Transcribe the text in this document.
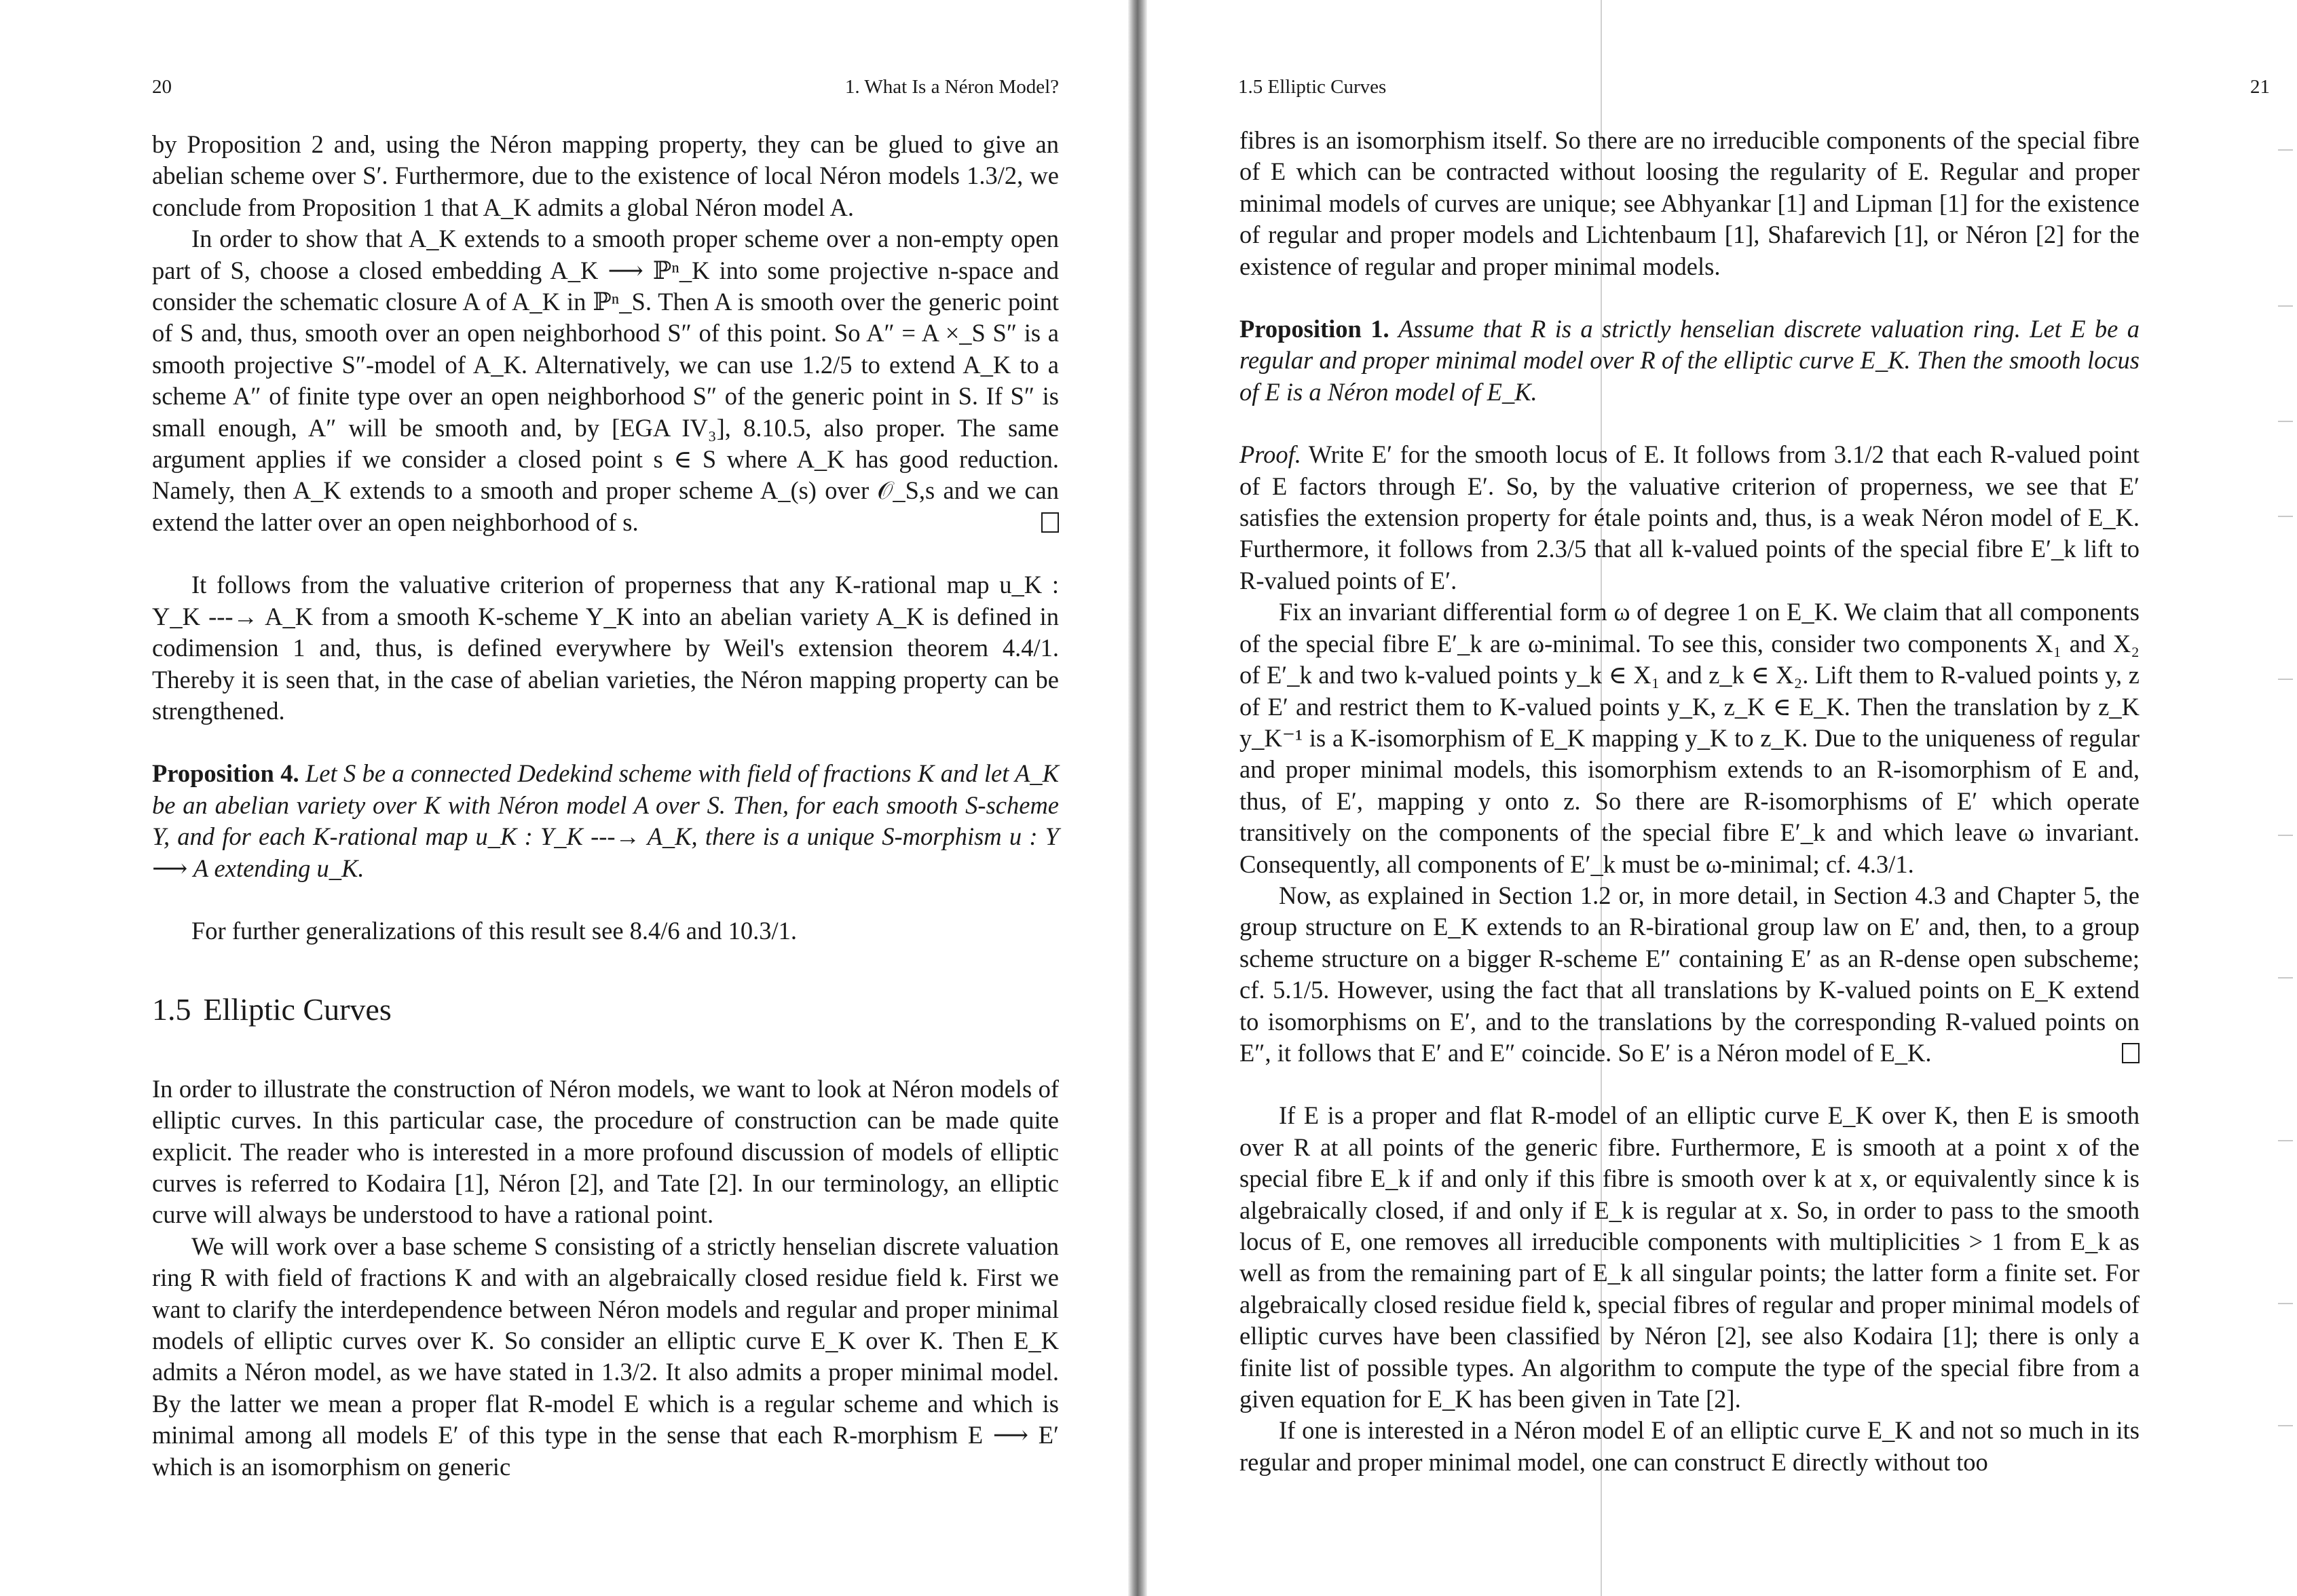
20	1. What Is a Néron Model?

by Proposition 2 and, using the Néron mapping property, they can be glued to give an abelian scheme over S′. Furthermore, due to the existence of local Néron models 1.3/2, we conclude from Proposition 1 that A_K admits a global Néron model A.

In order to show that A_K extends to a smooth proper scheme over a non-empty open part of S, choose a closed embedding A_K ⟶ ℙⁿ_K into some projective n-space and consider the schematic closure A of A_K in ℙⁿ_S. Then A is smooth over the generic point of S and, thus, smooth over an open neighborhood S″ of this point. So A″ = A ×_S S″ is a smooth projective S″-model of A_K. Alternatively, we can use 1.2/5 to extend A_K to a scheme A″ of finite type over an open neighborhood S″ of the generic point in S. If S″ is small enough, A″ will be smooth and, by [EGA IV₃], 8.10.5, also proper. The same argument applies if we consider a closed point s ∈ S where A_K has good reduction. Namely, then A_K extends to a smooth and proper scheme A_(s) over 𝒪_S,s and we can extend the latter over an open neighborhood of s.

It follows from the valuative criterion of properness that any K-rational map u_K : Y_K ---→ A_K from a smooth K-scheme Y_K into an abelian variety A_K is defined in codimension 1 and, thus, is defined everywhere by Weil's extension theorem 4.4/1. Thereby it is seen that, in the case of abelian varieties, the Néron mapping property can be strengthened.

Proposition 4. Let S be a connected Dedekind scheme with field of fractions K and let A_K be an abelian variety over K with Néron model A over S. Then, for each smooth S-scheme Y, and for each K-rational map u_K : Y_K ---→ A_K, there is a unique S-morphism u : Y ⟶ A extending u_K.

For further generalizations of this result see 8.4/6 and 10.3/1.

1.5 Elliptic Curves

In order to illustrate the construction of Néron models, we want to look at Néron models of elliptic curves. In this particular case, the procedure of construction can be made quite explicit. The reader who is interested in a more profound discussion of models of elliptic curves is referred to Kodaira [1], Néron [2], and Tate [2]. In our terminology, an elliptic curve will always be understood to have a rational point.

We will work over a base scheme S consisting of a strictly henselian discrete valuation ring R with field of fractions K and with an algebraically closed residue field k. First we want to clarify the interdependence between Néron models and regular and proper minimal models of elliptic curves over K. So consider an elliptic curve E_K over K. Then E_K admits a Néron model, as we have stated in 1.3/2. It also admits a proper minimal model. By the latter we mean a proper flat R-model E which is a regular scheme and which is minimal among all models E′ of this type in the sense that each R-morphism E ⟶ E′ which is an isomorphism on generic

1.5 Elliptic Curves	21

fibres is an isomorphism itself. So there are no irreducible components of the special fibre of E which can be contracted without loosing the regularity of E. Regular and proper minimal models of curves are unique; see Abhyankar [1] and Lipman [1] for the existence of regular and proper models and Lichtenbaum [1], Shafarevich [1], or Néron [2] for the existence of regular and proper minimal models.

Proposition 1. Assume that R is a strictly henselian discrete valuation ring. Let E be a regular and proper minimal model over R of the elliptic curve E_K. Then the smooth locus of E is a Néron model of E_K.

Proof. Write E′ for the smooth locus of E. It follows from 3.1/2 that each R-valued point of E factors through E′. So, by the valuative criterion of properness, we see that E′ satisfies the extension property for étale points and, thus, is a weak Néron model of E_K. Furthermore, it follows from 2.3/5 that all k-valued points of the special fibre E′_k lift to R-valued points of E′.

Fix an invariant differential form ω of degree 1 on E_K. We claim that all components of the special fibre E′_k are ω-minimal. To see this, consider two components X₁ and X₂ of E′_k and two k-valued points y_k ∈ X₁ and z_k ∈ X₂. Lift them to R-valued points y, z of E′ and restrict them to K-valued points y_K, z_K ∈ E_K. Then the translation by z_K y_K⁻¹ is a K-isomorphism of E_K mapping y_K to z_K. Due to the uniqueness of regular and proper minimal models, this isomorphism extends to an R-isomorphism of E and, thus, of E′, mapping y onto z. So there are R-isomorphisms of E′ which operate transitively on the components of the special fibre E′_k and which leave ω invariant. Consequently, all components of E′_k must be ω-minimal; cf. 4.3/1.

Now, as explained in Section 1.2 or, in more detail, in Section 4.3 and Chapter 5, the group structure on E_K extends to an R-birational group law on E′ and, then, to a group scheme structure on a bigger R-scheme E″ containing E′ as an R-dense open subscheme; cf. 5.1/5. However, using the fact that all translations by K-valued points on E_K extend to isomorphisms on E′, and to the translations by the corresponding R-valued points on E″, it follows that E′ and E″ coincide. So E′ is a Néron model of E_K.

If E is a proper and flat R-model of an elliptic curve E_K over K, then E is smooth over R at all points of the generic fibre. Furthermore, E is smooth at a point x of the special fibre E_k if and only if this fibre is smooth over k at x, or equivalently since k is algebraically closed, if and only if E_k is regular at x. So, in order to pass to the smooth locus of E, one removes all irreducible components with multiplicities > 1 from E_k as well as from the remaining part of E_k all singular points; the latter form a finite set. For algebraically closed residue field k, special fibres of regular and proper minimal models of elliptic curves have been classified by Néron [2], see also Kodaira [1]; there is only a finite list of possible types. An algorithm to compute the type of the special fibre from a given equation for E_K has been given in Tate [2].

If one is interested in a Néron model E of an elliptic curve E_K and not so much in its regular and proper minimal model, one can construct E directly without too
